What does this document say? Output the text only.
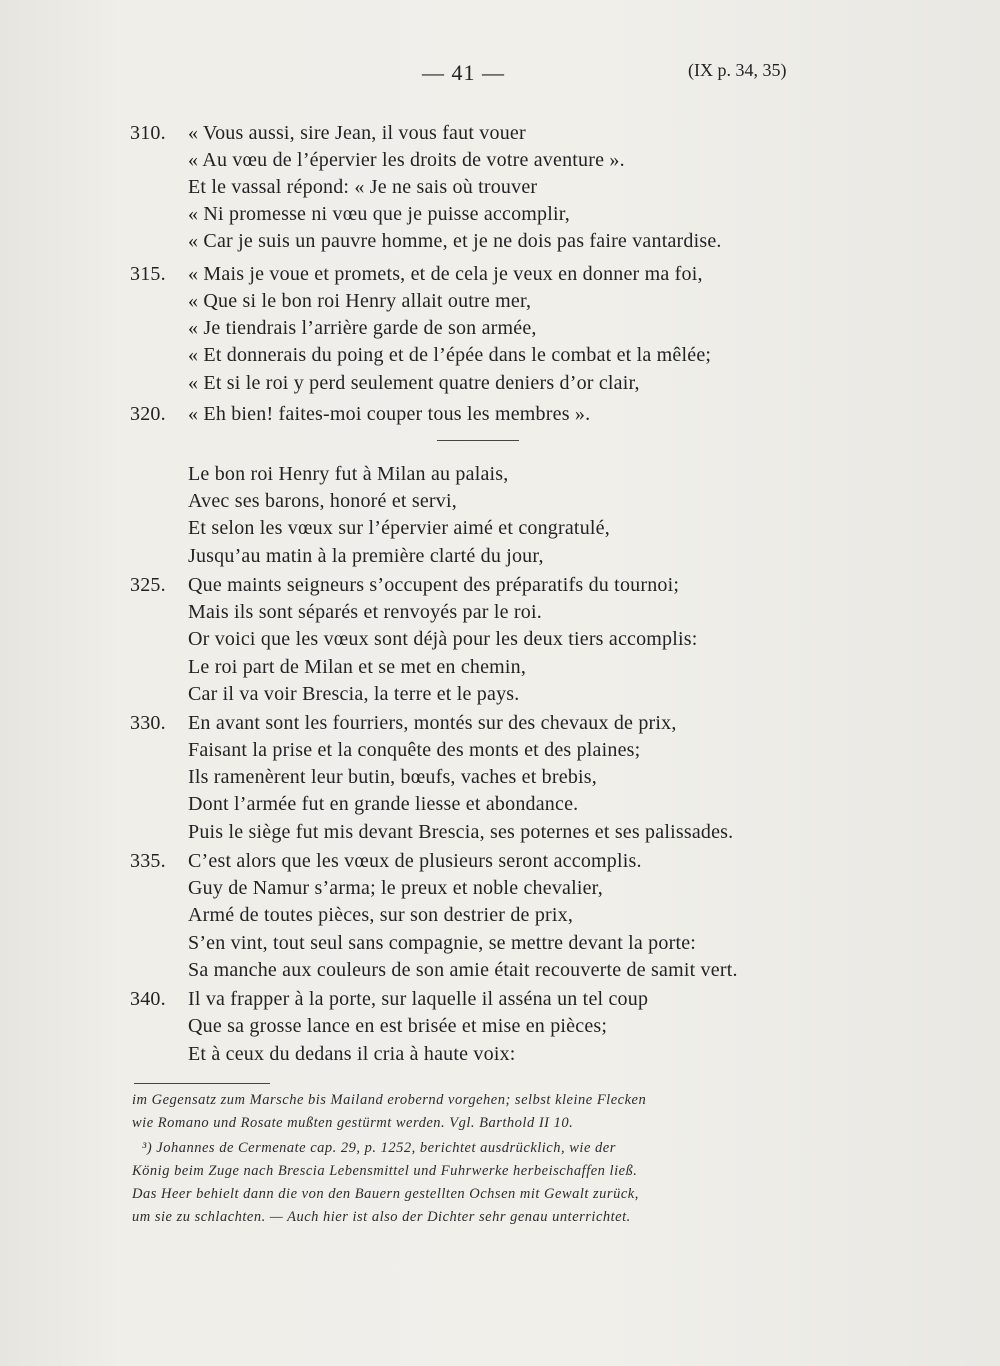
— 41 —	(IX p. 34, 35)
310. « Vous aussi, sire Jean, il vous faut vouer
« Au vœu de l’épervier les droits de votre aventure ».
Et le vassal répond: « Je ne sais où trouver
« Ni promesse ni vœu que je puisse accomplir,
« Car je suis un pauvre homme, et je ne dois pas faire vantardise.
315. « Mais je voue et promets, et de cela je veux en donner ma foi,
« Que si le bon roi Henry allait outre mer,
« Je tiendrais l’arrière garde de son armée,
« Et donnerais du poing et de l’épée dans le combat et la mêlée;
« Et si le roi y perd seulement quatre deniers d’or clair,
320. « Eh bien! faites-moi couper tous les membres ».
Le bon roi Henry fut à Milan au palais,
Avec ses barons, honoré et servi,
Et selon les vœux sur l’épervier aimé et congratulé,
Jusqu’au matin à la première clarté du jour,
325. Que maints seigneurs s’occupent des préparatifs du tournoi;
Mais ils sont séparés et renvoyés par le roi.
Or voici que les vœux sont déjà pour les deux tiers accomplis:
Le roi part de Milan et se met en chemin,
Car il va voir Brescia, la terre et le pays.
330. En avant sont les fourriers, montés sur des chevaux de prix,
Faisant la prise et la conquête des monts et des plaines;
Ils ramenèrent leur butin, bœufs, vaches et brebis,
Dont l’armée fut en grande liesse et abondance.
Puis le siège fut mis devant Brescia, ses poternes et ses palissades.
335. C’est alors que les vœux de plusieurs seront accomplis.
Guy de Namur s’arma; le preux et noble chevalier,
Armé de toutes pièces, sur son destrier de prix,
S’en vint, tout seul sans compagnie, se mettre devant la porte:
Sa manche aux couleurs de son amie était recouverte de samit vert.
340. Il va frapper à la porte, sur laquelle il asséna un tel coup
Que sa grosse lance en est brisée et mise en pièces;
Et à ceux du dedans il cria à haute voix:
im Gegensatz zum Marsche bis Mailand erobernd vorgehen; selbst kleine Flecken
wie Romano und Rosate mußten gestürmt werden. Vgl. Barthold II 10.
³) Johannes de Cermenate cap. 29, p. 1252, berichtet ausdrücklich, wie der
König beim Zuge nach Brescia Lebensmittel und Fuhrwerke herbeischaffen ließ.
Das Heer behielt dann die von den Bauern gestellten Ochsen mit Gewalt zurück,
um sie zu schlachten. — Auch hier ist also der Dichter sehr genau unterrichtet.
